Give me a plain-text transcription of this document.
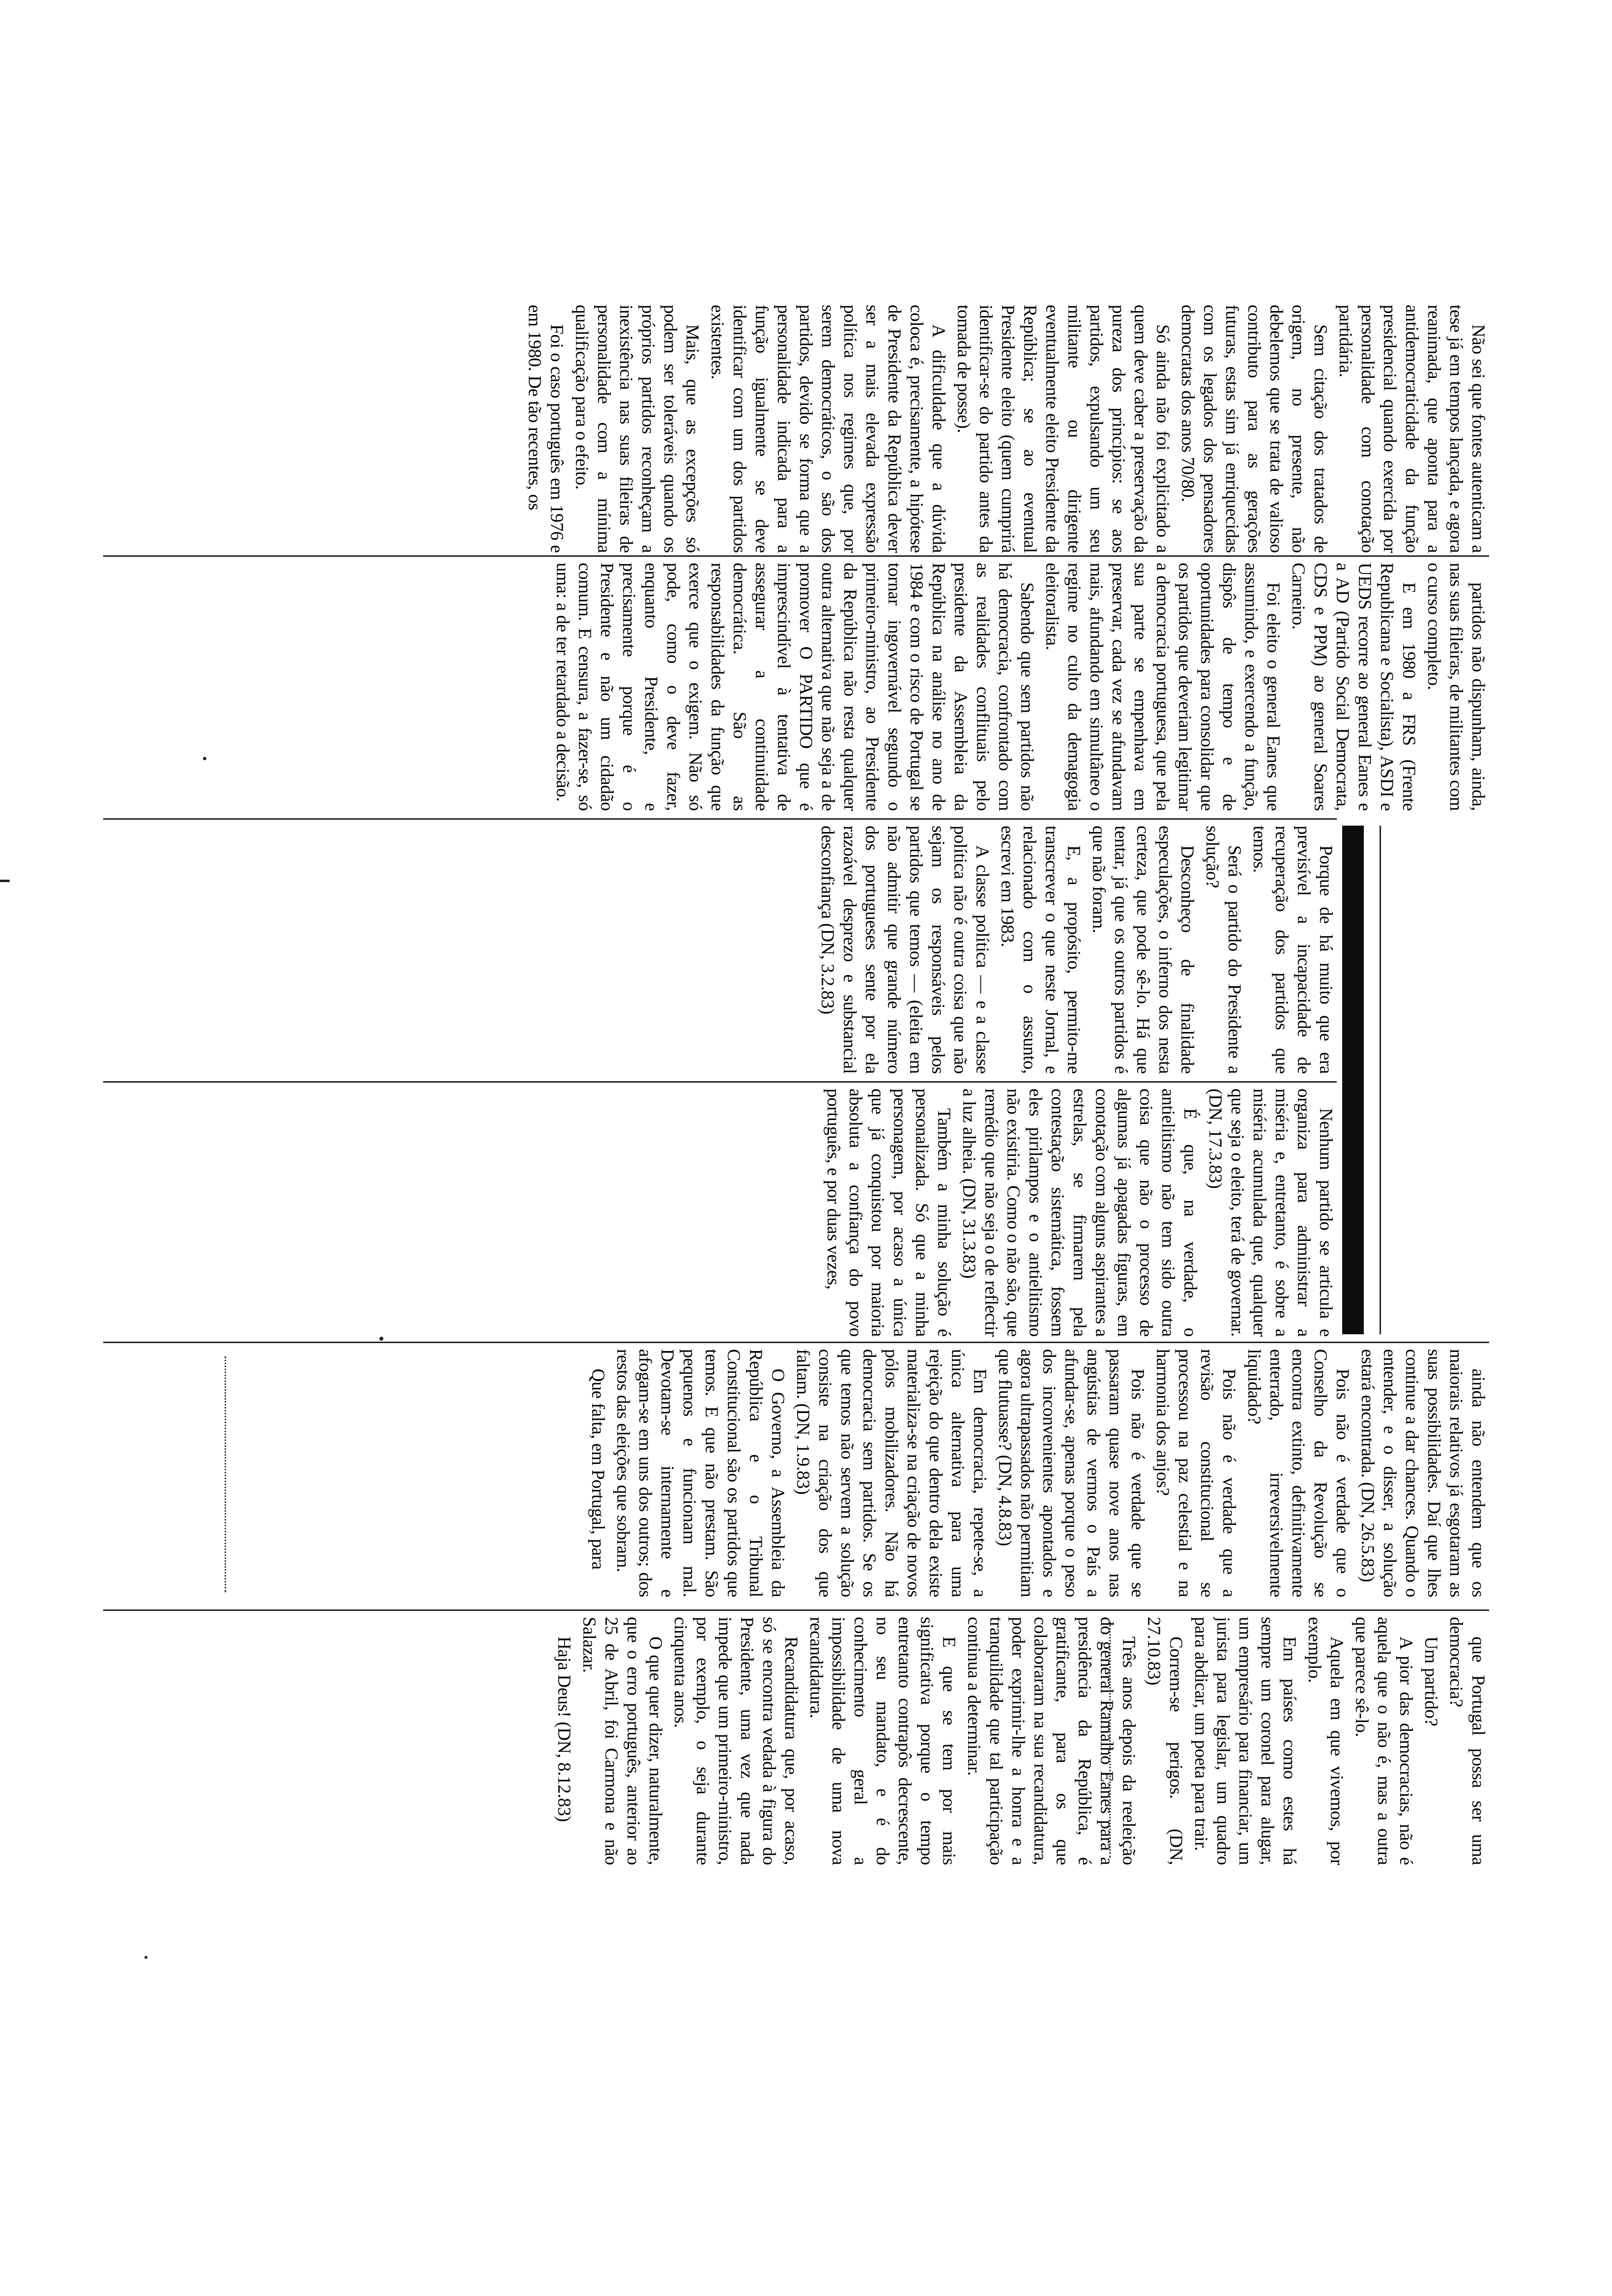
Não sei que fontes autenticam a tese já em tempos lançada, e agora reanimada, que aponta para a antidemocraticidade da função presidencial quando exercida por personalidade com conotação partidária.

Sem citação dos tratados de origem, no presente, não debelemos que se trata de valioso contributo para as gerações futuras, estas sim já enriquecidas com os legados dos pensadores democratas dos anos 70/80.

Só ainda não foi explicitado a quem deve caber a preservação da pureza dos princípios: se aos partidos, expulsando um seu militante ou dirigente eventualmente eleito Presidente da República; se ao eventual Presidente eleito (quem cumprirá identificar-se do partido antes da tomada de posse).

A dificuldade que a dúvida coloca é, precisamente, a hipótese de Presidente da República dever ser a mais elevada expressão política nos regimes que, por serem democráticos, o são dos partidos, devido se forma que a personalidade indicada para a função igualmente se deve identificar com um dos partidos existentes.

Mais, que as excepções só podem ser toleráveis quando os próprios partidos reconheçam a inexistência nas suas fileiras de personalidade com a mínima qualificação para o efeito.

Foi o caso português em 1976 e em 1980. De tão recentes, os

partidos não dispunham, ainda, nas suas fileiras, de militantes com o curso completo.

E em 1980 a FRS (Frente Republicana e Socialista), ASDI e UEDS recorre ao general Eanes e a AD (Partido Social Democrata, CDS e PPM) ao general Soares Carneiro.

Foi eleito o general Eanes que assumindo, e exercendo a função, dispôs de tempo e de oportunidades para consolidar que os partidos que deveriam legitimar a democracia portuguesa, que pela sua parte se empenhava em preservar, cada vez se afundavam mais, afundando em simultâneo o regime no culto da demagogia eleitoralista.

Sabendo que sem partidos não há democracia, confrontado com as realidades conflituais pelo presidente da Assembleia da República na análise no ano de 1984 e com o risco de Portugal se tornar ingovernável segundo o primeiro-ministro, ao Presidente da República não resta qualquer outra alternativa que não seja a de promover O PARTIDO que é imprescindível à tentativa de assegurar a continuidade democrática. São as responsabilidades da função que exerce que o exigem. Não só pode, como o deve fazer, enquanto Presidente, e precisamente porque é o Presidente e não um cidadão comum. E censura, a fazer-se, só uma: a de ter retardado a decisão.

Porque de há muito que era previsível a incapacidade de recuperação dos partidos que temos.

Será o partido do Presidente a solução?

Desconheço de finalidade especulações, o inferno dos nesta certeza, que pode sê-lo. Há que tentar, já que os outros partidos é que não foram.

E, a propósito, permito-me transcrever o que neste Jornal, e relacionado com o assunto, escrevi em 1983.

A classe política — e a classe política não é outra coisa que não sejam os responsáveis pelos partidos que temos — (eleita em não admitir que grande número dos portugueses sente por ela razoável desprezo e substancial desconfiança (DN, 3.2.83)

Nenhum partido se articula e organiza para administrar a miséria e, entretanto, é sobre a miséria acumulada que, qualquer que seja o eleito, terá de governar. (DN, 17.3.83)

É que, na verdade, o antielitismo não tem sido outra coisa que não o processo de algumas já apagadas figuras, em conotação com alguns aspirantes a estrelas, se firmarem pela contestação sistemática, fossem eles pirilampos e o antielitismo não existiria. Como o não são, que remédio que não seja o de reflectir a luz alheia. (DN, 31.3.83)

Também a minha solução é personalizada. Só que a minha personagem, por acaso a única que já conquistou por maioria absoluta a confiança do povo português, e por duas vezes,

ainda não entendem que os maiorais relativos já esgotaram as suas possibilidades. Daí que lhes continue a dar chances. Quando o entender, e o disser, a solução estará encontrada. (DN, 26.5.83)

Pois não é verdade que o Conselho da Revolução se encontra extinto, definitivamente enterrado, irreversivelmente liquidado?

Pois não é verdade que a revisão constitucional se processou na paz celestial e na harmonia dos anjos?

Pois não é verdade que se passaram quase nove anos nas angústias de vermos o País a afundar-se, apenas porque o peso dos inconvenientes apontados e agora ultrapassados não permitiam que flutuasse? (DN, 4.8.83)

Em democracia, repete-se, a única alternativa para uma rejeição do que dentro dela existe materializa-se na criação de novos pólos mobilizadores. Não há democracia sem partidos. Se os que temos não servem a solução consiste na criação dos que faltam. (DN, 1.9.83)

O Governo, a Assembleia da República e o Tribunal Constitucional são os partidos que temos. E que não prestam. São pequenos e funcionam mal. Devotam-se internamente e afogam-se em uns dos outros; dos restos das eleições que sobram.

Que falta, em Portugal, para

que Portugal possa ser uma democracia?

Um partido?

A pior das democracias, não é aquela que o não é, mas a outra que parece sê-lo.

Aquela em que vivemos, por exemplo.

Em países como estes há sempre um coronel para alugar, um empresário para financiar, um jurista para legislar, um quadro para abdicar, um poeta para trair.

Correm-se perigos. (DN, 27.10.83)

Três anos depois da reeleição do general Ramalho Eanes para a presidência da República, é gratificante, para os que colaboraram na sua recandidatura, poder exprimir-lhe a honra e a tranquilidade que tal participação continua a determinar.

E que se tem por mais significativa porque o tempo entretanto contrapôs decrescente, no seu mandato, e é do conhecimento geral a impossibilidade de uma nova recandidatura.

Recandidatura que, por acaso, só se encontra vedada à figura do Presidente, uma vez que nada impede que um primeiro-ministro, por exemplo, o seja durante cinquenta anos.

O que quer dizer, naturalmente, que o erro português, anterior ao 25 de Abril, foi Carmona e não Salazar.

Haja Deus! (DN, 8.12.83)
